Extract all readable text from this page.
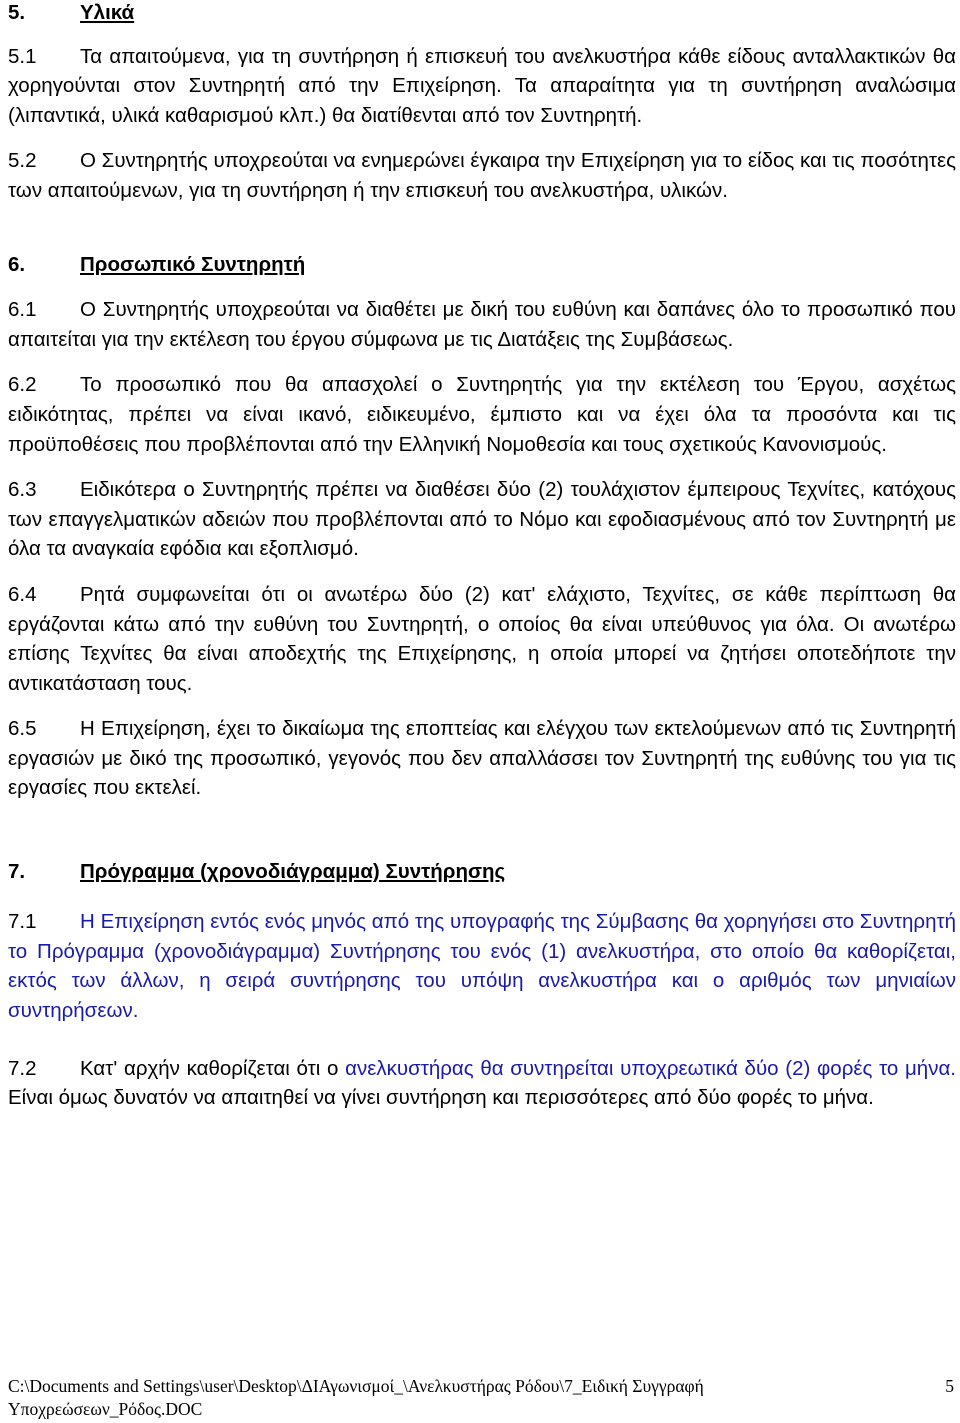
5.	Υλικά

5.1 Τα απαιτούμενα, για τη συντήρηση ή επισκευή του ανελκυστήρα κάθε είδους ανταλλακτικών θα χορηγούνται στον Συντηρητή από την Επιχείρηση. Τα απαραίτητα για τη συντήρηση αναλώσιμα (λιπαντικά, υλικά καθαρισμού κλπ.) θα διατίθενται από τον Συντηρητή.

5.2 Ο Συντηρητής υποχρεούται να ενημερώνει έγκαιρα την Επιχείρηση για το είδος και τις ποσότητες των απαιτούμενων, για τη συντήρηση ή την επισκευή του ανελκυστήρα, υλικών.

6.	Προσωπικό Συντηρητή

6.1 Ο Συντηρητής υποχρεούται να διαθέτει με δική του ευθύνη και δαπάνες όλο το προσωπικό που απαιτείται για την εκτέλεση του έργου σύμφωνα με τις Διατάξεις της Συμβάσεως.

6.2 Το προσωπικό που θα απασχολεί ο Συντηρητής για την εκτέλεση του Έργου, ασχέτως ειδικότητας, πρέπει να είναι ικανό, ειδικευμένο, έμπιστο και να έχει όλα τα προσόντα και τις προϋποθέσεις που προβλέπονται από την Ελληνική Νομοθεσία και τους σχετικούς Κανονισμούς.

6.3 Ειδικότερα ο Συντηρητής πρέπει να διαθέσει δύο (2) τουλάχιστον έμπειρους Τεχνίτες, κατόχους των επαγγελματικών αδειών που προβλέπονται από το Νόμο και εφοδιασμένους από τον Συντηρητή με όλα τα αναγκαία εφόδια και εξοπλισμό.

6.4 Ρητά συμφωνείται ότι οι ανωτέρω δύο (2) κατ' ελάχιστο, Τεχνίτες, σε κάθε περίπτωση θα εργάζονται κάτω από την ευθύνη του Συντηρητή, ο οποίος θα είναι υπεύθυνος για όλα. Οι ανωτέρω επίσης Τεχνίτες θα είναι αποδεχτής της Επιχείρησης, η οποία μπορεί να ζητήσει οποτεδήποτε την αντικατάσταση τους.

6.5 Η Επιχείρηση, έχει το δικαίωμα της εποπτείας και ελέγχου των εκτελούμενων από τις Συντηρητή εργασιών με δικό της προσωπικό, γεγονός που δεν απαλλάσσει τον Συντηρητή της ευθύνης του για τις εργασίες που εκτελεί.

7.	Πρόγραμμα (χρονοδιάγραμμα) Συντήρησης

7.1 Η Επιχείρηση εντός ενός μηνός από της υπογραφής της Σύμβασης θα χορηγήσει στο Συντηρητή το Πρόγραμμα (χρονοδιάγραμμα) Συντήρησης του ενός (1) ανελκυστήρα, στο οποίο θα καθορίζεται, εκτός των άλλων, η σειρά συντήρησης του υπόψη ανελκυστήρα και ο αριθμός των μηνιαίων συντηρήσεων.

7.2 Κατ' αρχήν καθορίζεται ότι ο ανελκυστήρας θα συντηρείται υποχρεωτικά δύο (2) φορές το μήνα. Είναι όμως δυνατόν να απαιτηθεί να γίνει συντήρηση και περισσότερες από δύο φορές το μήνα.

C:\Documents and Settings\user\Desktop\ΔΙΑγωνισμοί_\Ανελκυστήρας Ρόδου\7_Ειδική Συγγραφή Υποχρεώσεων_Ρόδος.DOC
5
